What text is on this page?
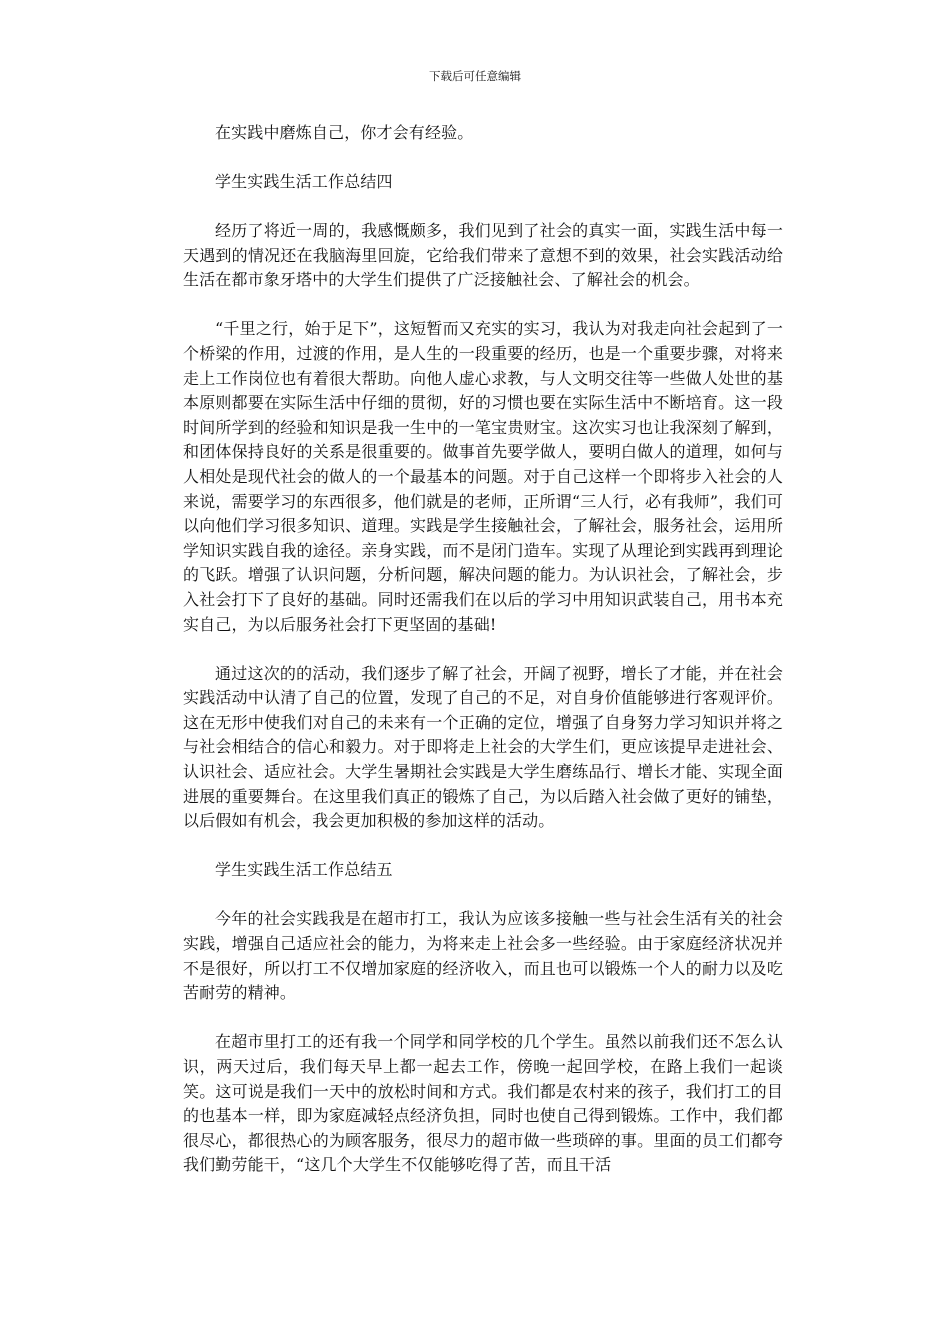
下载后可任意编辑

在实践中磨炼自己，你才会有经验。

学生实践生活工作总结四

经历了将近一周的，我感慨颇多，我们见到了社会的真实一面，实践生活中每一天遇到的情况还在我脑海里回旋，它给我们带来了意想不到的效果，社会实践活动给生活在都市象牙塔中的大学生们提供了广泛接触社会、了解社会的机会。

“千里之行，始于足下”，这短暂而又充实的实习，我认为对我走向社会起到了一个桥梁的作用，过渡的作用，是人生的一段重要的经历，也是一个重要步骤，对将来走上工作岗位也有着很大帮助。向他人虚心求教，与人文明交往等一些做人处世的基本原则都要在实际生活中仔细的贯彻，好的习惯也要在实际生活中不断培育。这一段时间所学到的经验和知识是我一生中的一笔宝贵财宝。这次实习也让我深刻了解到，和团体保持良好的关系是很重要的。做事首先要学做人，要明白做人的道理，如何与人相处是现代社会的做人的一个最基本的问题。对于自己这样一个即将步入社会的人来说，需要学习的东西很多，他们就是的老师，正所谓“三人行，必有我师”，我们可以向他们学习很多知识、道理。实践是学生接触社会，了解社会，服务社会，运用所学知识实践自我的途径。亲身实践，而不是闭门造车。实现了从理论到实践再到理论的飞跃。增强了认识问题，分析问题，解决问题的能力。为认识社会，了解社会，步入社会打下了良好的基础。同时还需我们在以后的学习中用知识武装自己，用书本充实自己，为以后服务社会打下更坚固的基础!

通过这次的的活动，我们逐步了解了社会，开阔了视野，增长了才能，并在社会实践活动中认清了自己的位置，发现了自己的不足，对自身价值能够进行客观评价。这在无形中使我们对自己的未来有一个正确的定位，增强了自身努力学习知识并将之与社会相结合的信心和毅力。对于即将走上社会的大学生们，更应该提早走进社会、认识社会、适应社会。大学生暑期社会实践是大学生磨练品行、增长才能、实现全面进展的重要舞台。在这里我们真正的锻炼了自己，为以后踏入社会做了更好的铺垫，以后假如有机会，我会更加积极的参加这样的活动。

学生实践生活工作总结五

今年的社会实践我是在超市打工，我认为应该多接触一些与社会生活有关的社会实践，增强自己适应社会的能力，为将来走上社会多一些经验。由于家庭经济状况并不是很好，所以打工不仅增加家庭的经济收入，而且也可以锻炼一个人的耐力以及吃苦耐劳的精神。

在超市里打工的还有我一个同学和同学校的几个学生。虽然以前我们还不怎么认识，两天过后，我们每天早上都一起去工作，傍晚一起回学校，在路上我们一起谈笑。这可说是我们一天中的放松时间和方式。我们都是农村来的孩子，我们打工的目的也基本一样，即为家庭减轻点经济负担，同时也使自己得到锻炼。工作中，我们都很尽心，都很热心的为顾客服务，很尽力的超市做一些琐碎的事。里面的员工们都夸我们勤劳能干，“这几个大学生不仅能够吃得了苦，而且干活
